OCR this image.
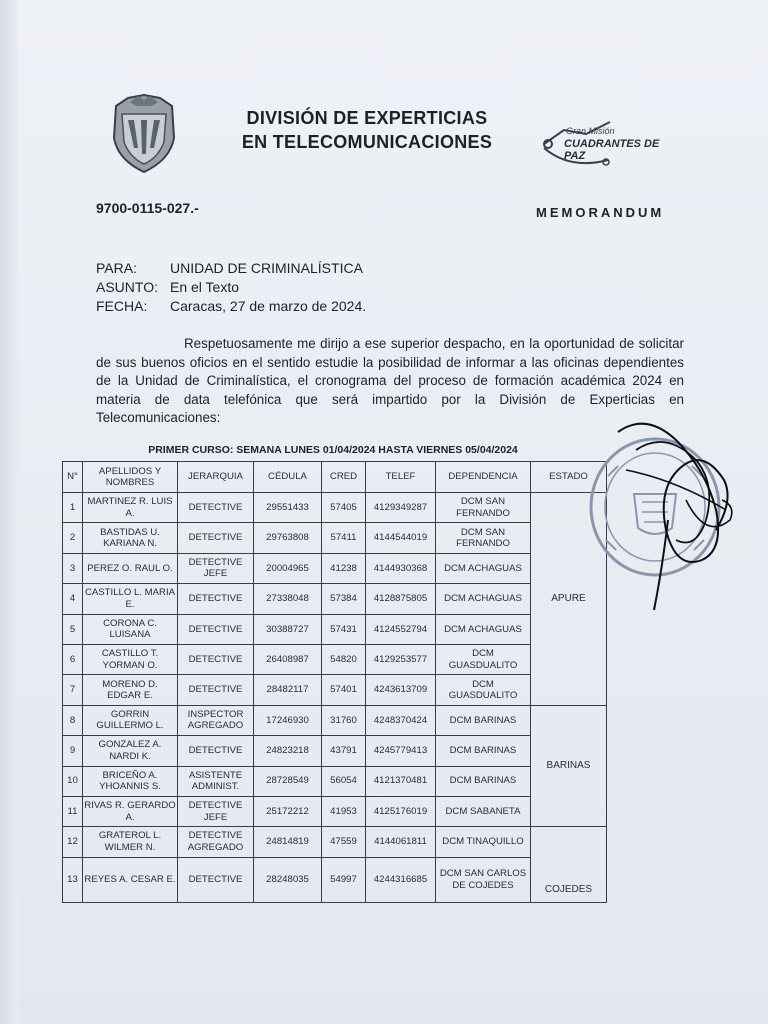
DIVISIÓN DE EXPERTICIAS
EN TELECOMUNICACIONES
Gran Misión
CUADRANTES DE PAZ
9700-0115-027.-	MEMORANDUM
PARA: UNIDAD DE CRIMINALÍSTICA
ASUNTO: En el Texto
FECHA: Caracas, 27 de marzo de 2024.
Respetuosamente me dirijo a ese superior despacho, en la oportunidad de solicitar de sus buenos oficios en el sentido estudie la posibilidad de informar a las oficinas dependientes de la Unidad de Criminalística, el cronograma del proceso de formación académica 2024 en materia de data telefónica que será impartido por la División de Experticias en Telecomunicaciones:
PRIMER CURSO: SEMANA LUNES 01/04/2024 HASTA VIERNES 05/04/2024
N°	APELLIDOS Y NOMBRES	JERARQUIA	CÉDULA	CRED	TELEF	DEPENDENCIA	ESTADO
1	MARTINEZ R. LUIS A.	DETECTIVE	29551433	57405	4129349287	DCM SAN FERNANDO	APURE
2	BASTIDAS U. KARIANA N.	DETECTIVE	29763808	57411	4144544019	DCM SAN FERNANDO	
3	PEREZ O. RAUL O.	DETECTIVE JEFE	20004965	41238	4144930368	DCM ACHAGUAS	
4	CASTILLO L. MARIA E.	DETECTIVE	27338048	57384	4128875805	DCM ACHAGUAS	
5	CORONA C. LUISANA	DETECTIVE	30388727	57431	4124552794	DCM ACHAGUAS	
6	CASTILLO T. YORMAN O.	DETECTIVE	26408987	54820	4129253577	DCM GUASDUALITO	
7	MORENO D. EDGAR E.	DETECTIVE	28482117	57401	4243613709	DCM GUASDUALITO	
8	GORRIN GUILLERMO L.	INSPECTOR AGREGADO	17246930	31760	4248370424	DCM BARINAS	BARINAS
9	GONZALEZ A. NARDI K.	DETECTIVE	24823218	43791	4245779413	DCM BARINAS	
10	BRICEÑO A. YHOANNIS S.	ASISTENTE ADMINIST.	28728549	56054	4121370481	DCM BARINAS	
11	RIVAS R. GERARDO A.	DETECTIVE JEFE	25172212	41953	4125176019	DCM SABANETA	
12	GRATEROL L. WILMER N.	DETECTIVE AGREGADO	24814819	47559	4144061811	DCM TINAQUILLO	COJEDES
13	REYES A. CESAR E.	DETECTIVE	28248035	54997	4244316685	DCM SAN CARLOS DE COJEDES	
